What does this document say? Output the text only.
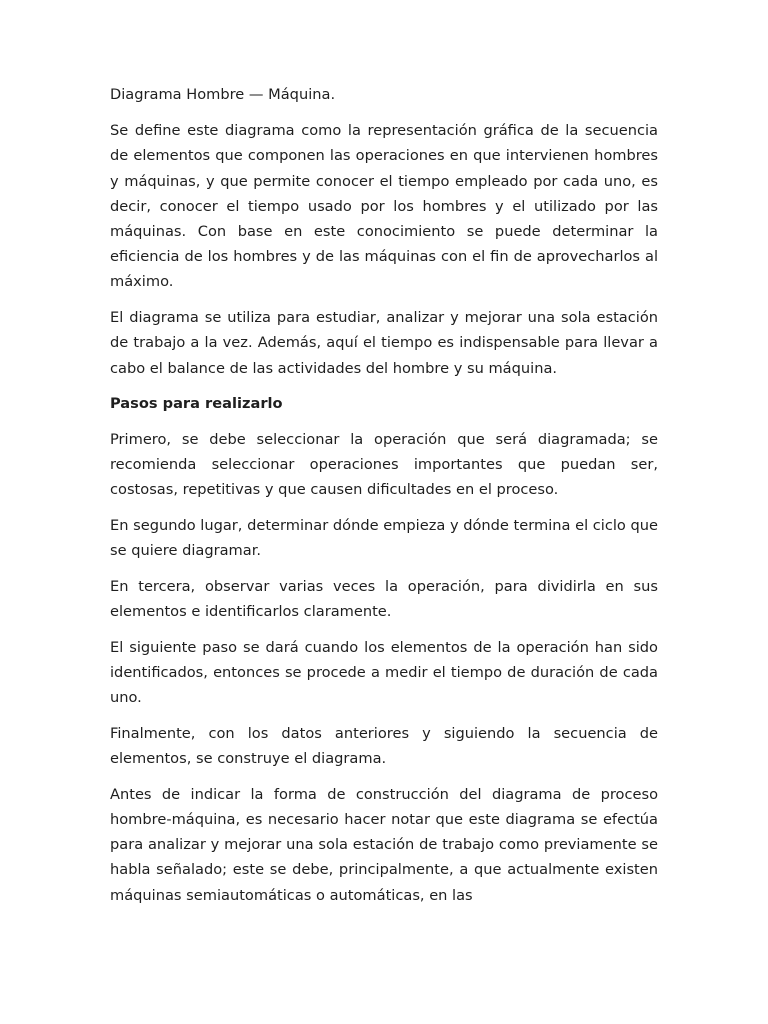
Diagrama Hombre — Máquina.

Se define este diagrama como la representación gráfica de la secuencia de elementos que componen las operaciones en que intervienen hombres y máquinas, y que permite conocer el tiempo empleado por cada uno, es decir, conocer el tiempo usado por los hombres y el utilizado por las máquinas. Con base en este conocimiento se puede determinar la eficiencia de los hombres y de las máquinas con el fin de aprovecharlos al máximo.

El diagrama se utiliza para estudiar, analizar y mejorar una sola estación de trabajo a la vez. Además, aquí el tiempo es indispensable para llevar a cabo el balance de las actividades del hombre y su máquina.

Pasos para realizarlo

Primero, se debe seleccionar la operación que será diagramada; se recomienda seleccionar operaciones importantes que puedan ser, costosas, repetitivas y que causen dificultades en el proceso.

En segundo lugar, determinar dónde empieza y dónde termina el ciclo que se quiere diagramar.

En tercera, observar varias veces la operación, para dividirla en sus elementos e identificarlos claramente.

El siguiente paso se dará cuando los elementos de la operación han sido identificados, entonces se procede a medir el tiempo de duración de cada uno.

Finalmente, con los datos anteriores y siguiendo la secuencia de elementos, se construye el diagrama.

Antes de indicar la forma de construcción del diagrama de proceso hombre-máquina, es necesario hacer notar que este diagrama se efectúa para analizar y mejorar una sola estación de trabajo como previamente se habla señalado; este se debe, principalmente, a que actualmente existen máquinas semiautomáticas o automáticas, en las
